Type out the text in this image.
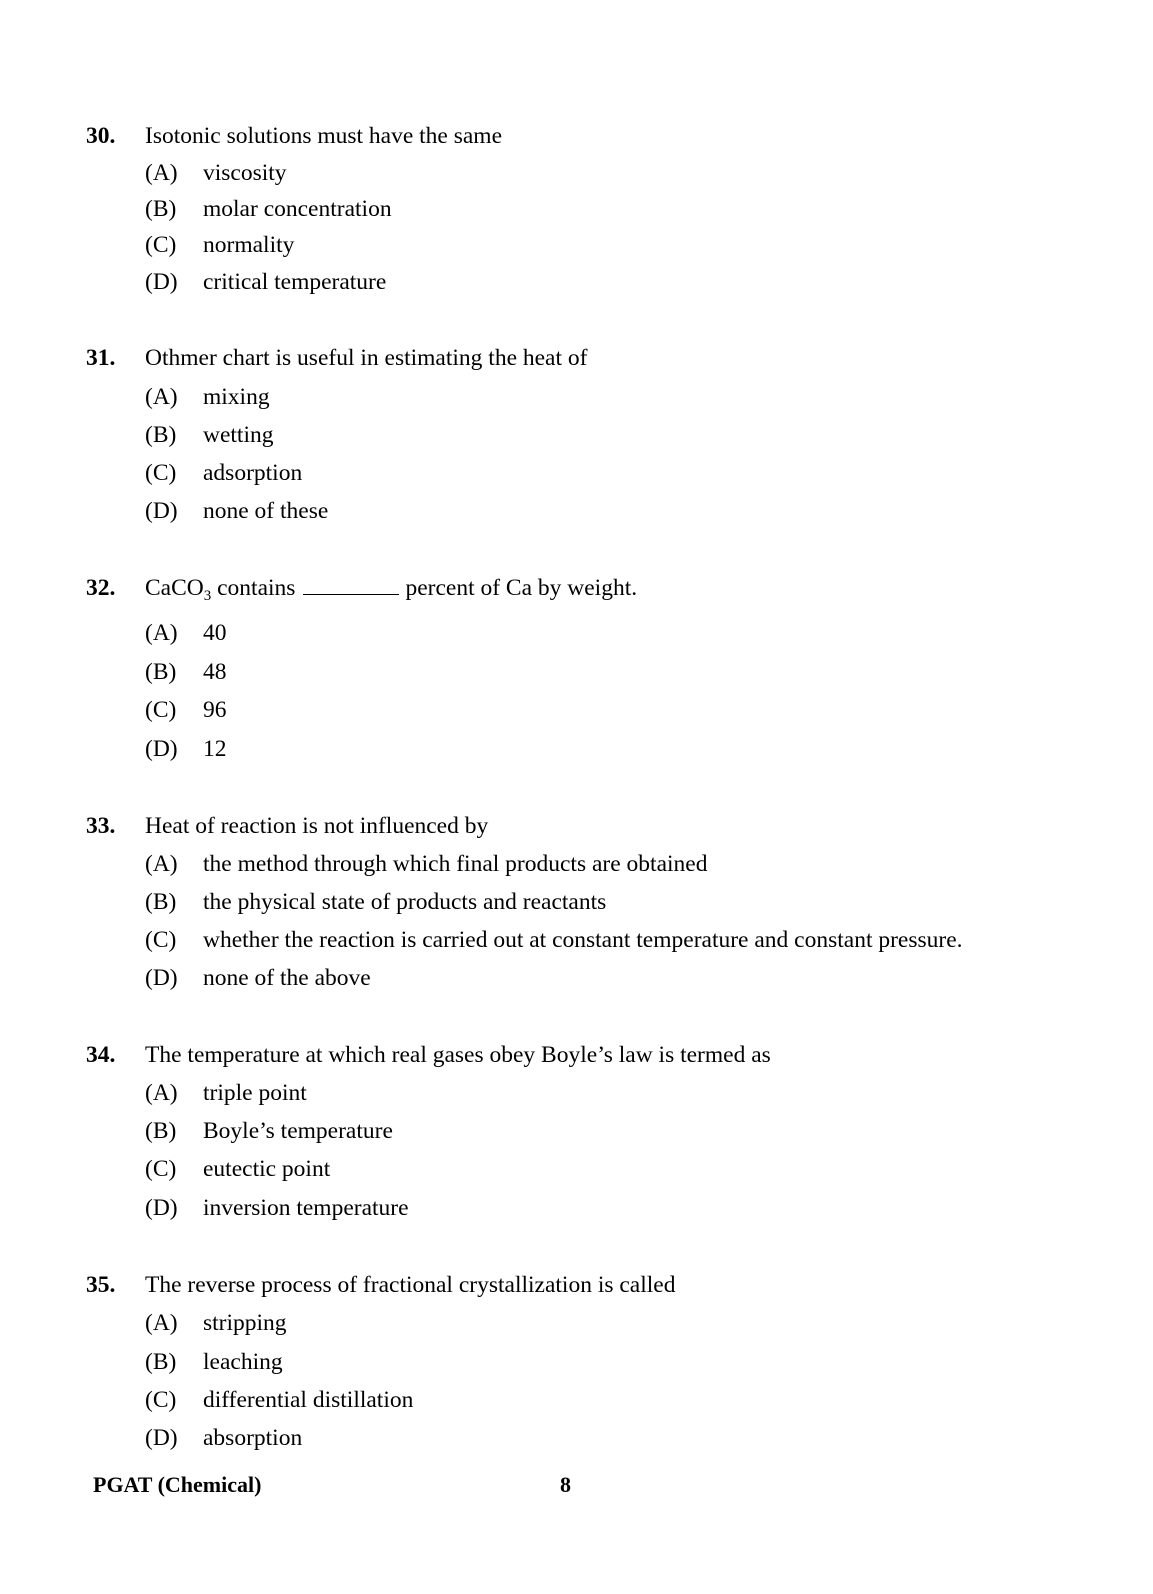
30. Isotonic solutions must have the same
(A) viscosity
(B) molar concentration
(C) normality
(D) critical temperature
31. Othmer chart is useful in estimating the heat of
(A) mixing
(B) wetting
(C) adsorption
(D) none of these
32. CaCO$_3$ contains	percent of Ca by weight.
(A) 40
(B) 48
(C) 96
(D) 12
33. Heat of reaction is not influenced by
(A) the method through which final products are obtained
(B) the physical state of products and reactants
(C) whether the reaction is carried out at constant temperature and constant pressure.
(D) none of the above
34. The temperature at which real gases obey Boyle’s law is termed as
(A) triple point
(B) Boyle’s temperature
(C) eutectic point
(D) inversion temperature
35. The reverse process of fractional crystallization is called
(A) stripping
(B) leaching
(C) differential distillation
(D) absorption
PGAT (Chemical)	8
